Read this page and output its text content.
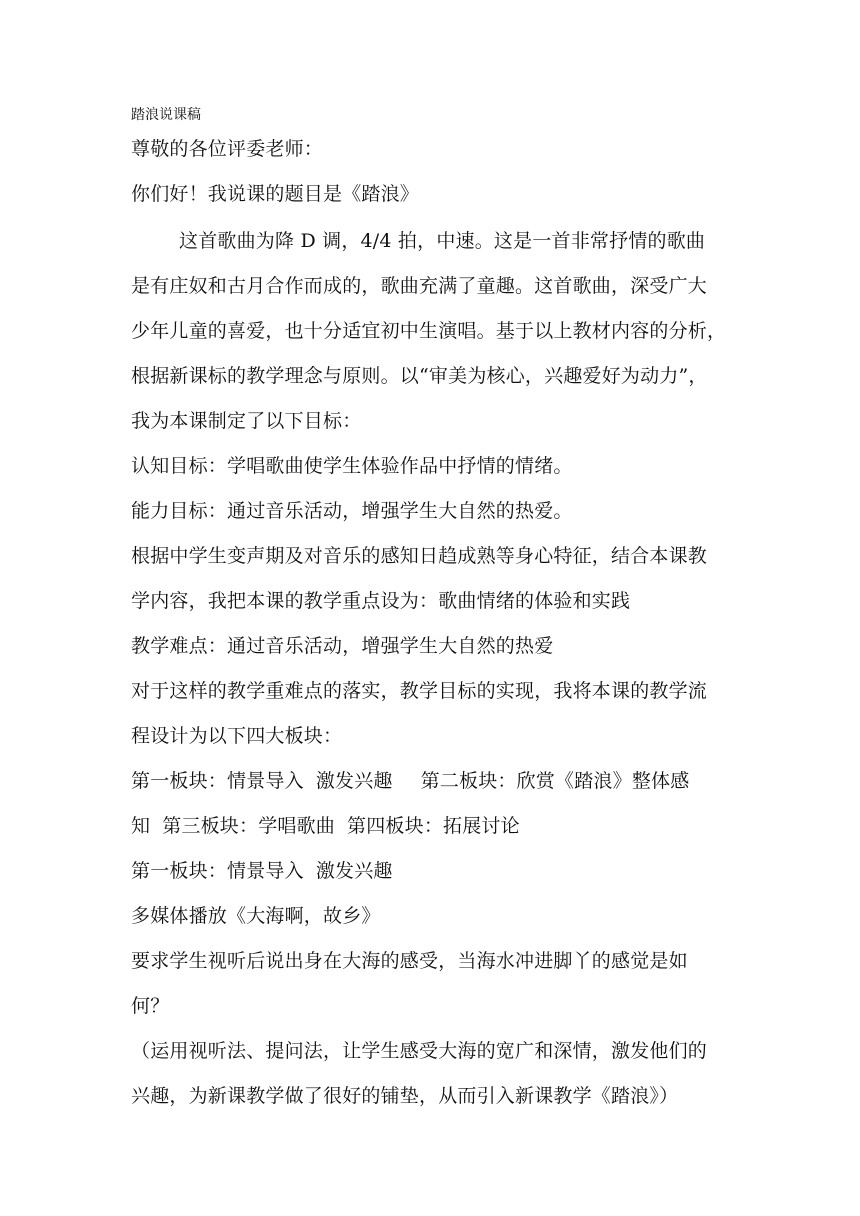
踏浪说课稿
尊敬的各位评委老师：
你们好！我说课的题目是《踏浪》
这首歌曲为降 D 调，4/4 拍，中速。这是一首非常抒情的歌曲
是有庄奴和古月合作而成的，歌曲充满了童趣。这首歌曲，深受广大
少年儿童的喜爱，也十分适宜初中生演唱。基于以上教材内容的分析，
根据新课标的教学理念与原则。以“审美为核心，兴趣爱好为动力”，
我为本课制定了以下目标：
认知目标：学唱歌曲使学生体验作品中抒情的情绪。
能力目标：通过音乐活动，增强学生大自然的热爱。
根据中学生变声期及对音乐的感知日趋成熟等身心特征，结合本课教
学内容，我把本课的教学重点设为：歌曲情绪的体验和实践
教学难点：通过音乐活动，增强学生大自然的热爱
对于这样的教学重难点的落实，教学目标的实现，我将本课的教学流
程设计为以下四大板块：
第一板块：情景导入 激发兴趣 第二板块：欣赏《踏浪》整体感
知 第三板块：学唱歌曲 第四板块：拓展讨论
第一板块：情景导入 激发兴趣
多媒体播放《大海啊，故乡》
要求学生视听后说出身在大海的感受，当海水冲进脚丫的感觉是如
何？
（运用视听法、提问法，让学生感受大海的宽广和深情，激发他们的
兴趣，为新课教学做了很好的铺垫，从而引入新课教学《踏浪》）
